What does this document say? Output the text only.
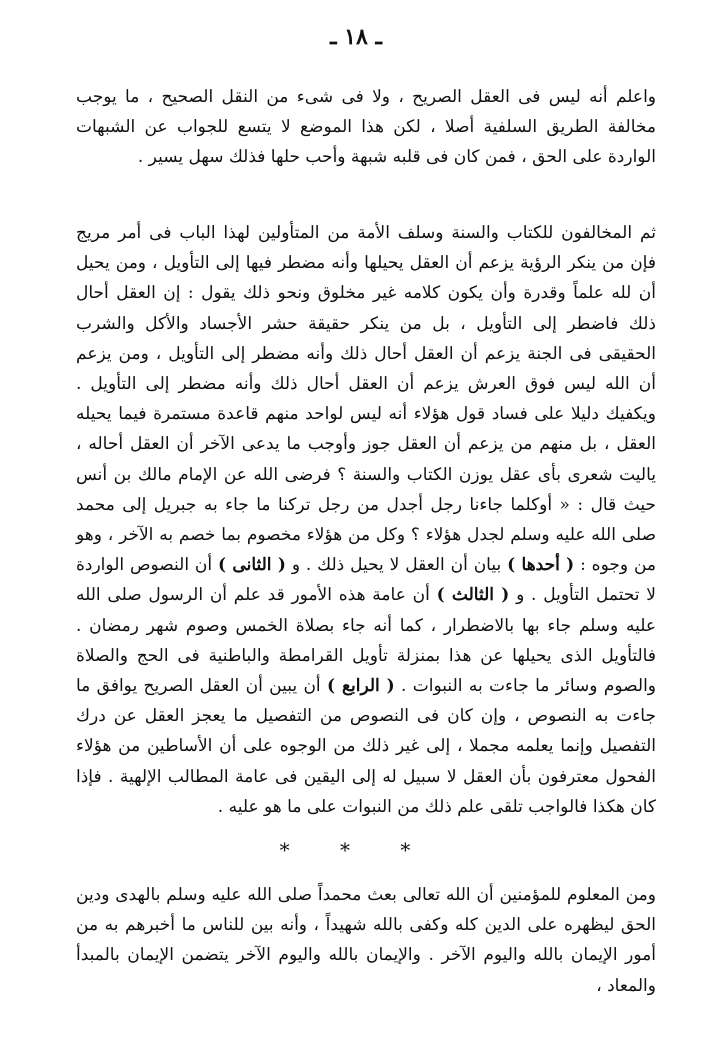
ـ ١٨ ـ

واعلم أنه ليس فى العقل الصريح ، ولا فى شىء من النقل الصحيح ، ما يوجب مخالفة الطريق السلفية أصلا ، لكن هذا الموضع لا يتسع للجواب عن الشبهات الواردة على الحق ، فمن كان فى قلبه شبهة وأحب حلها فذلك سهل يسير .

ثم المخالفون للكتاب والسنة وسلف الأمة من المتأولين لهذا الباب فى أمر مريج فإن من ينكر الرؤية يزعم أن العقل يحيلها وأنه مضطر فيها إلى التأويل ، ومن يحيل أن لله علماً وقدرة وأن يكون كلامه غير مخلوق ونحو ذلك يقول : إن العقل أحال ذلك فاضطر إلى التأويل ، بل من ينكر حقيقة حشر الأجساد والأكل والشرب الحقيقى فى الجنة يزعم أن العقل أحال ذلك وأنه مضطر إلى التأويل ، ومن يزعم أن الله ليس فوق العرش يزعم أن العقل أحال ذلك وأنه مضطر إلى التأويل . ويكفيك دليلا على فساد قول هؤلاء أنه ليس لواحد منهم قاعدة مستمرة فيما يحيله العقل ، بل منهم من يزعم أن العقل جوز وأوجب ما يدعى الآخر أن العقل أحاله ، ياليت شعرى بأى عقل يوزن الكتاب والسنة ؟ فرضى الله عن الإمام مالك بن أنس حيث قال : « أوكلما جاءنا رجل أجدل من رجل تركنا ما جاء به جبريل إلى محمد صلى الله عليه وسلم لجدل هؤلاء ؟ وكل من هؤلاء مخصوم بما خصم به الآخر ، وهو من وجوه : ( أحدها ) بيان أن العقل لا يحيل ذلك . و ( الثانى ) أن النصوص الواردة لا تحتمل التأويل . و ( الثالث ) أن عامة هذه الأمور قد علم أن الرسول صلى الله عليه وسلم جاء بها بالاضطرار ، كما أنه جاء بصلاة الخمس وصوم شهر رمضان . فالتأويل الذى يحيلها عن هذا بمنزلة تأويل القرامطة والباطنية فى الحج والصلاة والصوم وسائر ما جاءت به النبوات . ( الرابع ) أن يبين أن العقل الصريح يوافق ما جاءت به النصوص ، وإن كان فى النصوص من التفصيل ما يعجز العقل عن درك التفصيل وإنما يعلمه مجملا ، إلى غير ذلك من الوجوه على أن الأساطين من هؤلاء الفحول معترفون بأن العقل لا سبيل له إلى اليقين فى عامة المطالب الإلهية . فإذا كان هكذا فالواجب تلقى علم ذلك من النبوات على ما هو عليه .

* * *

ومن المعلوم للمؤمنين أن الله تعالى بعث محمداً صلى الله عليه وسلم بالهدى ودين الحق ليظهره على الدين كله وكفى بالله شهيداً ، وأنه بين للناس ما أخبرهم به من أمور الإيمان بالله واليوم الآخر . والإيمان بالله واليوم الآخر يتضمن الإيمان بالمبدأ والمعاد ،
